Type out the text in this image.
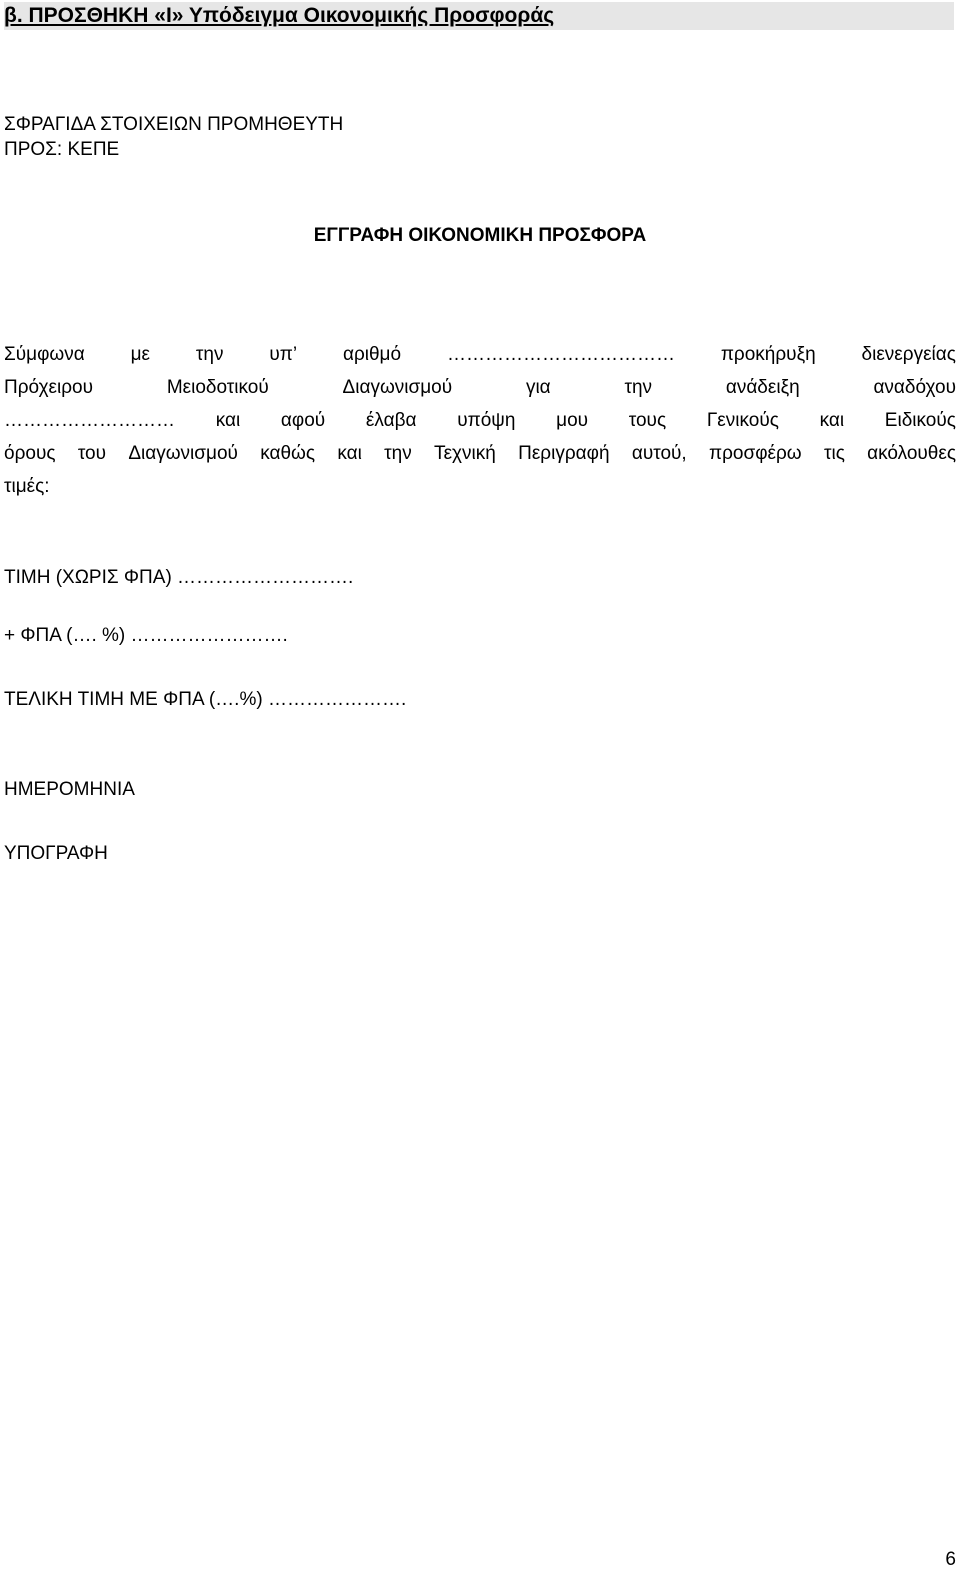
β. ΠΡΟΣΘΗΚΗ «Ι» Υπόδειγμα Οικονομικής Προσφοράς
ΣΦΡΑΓΙΔΑ ΣΤΟΙΧΕΙΩΝ ΠΡΟΜΗΘΕΥΤΗ
ΠΡΟΣ: ΚΕΠΕ
ΕΓΓΡΑΦΗ ΟΙΚΟΝΟΜΙΚΗ ΠΡΟΣΦΟΡΑ
Σύμφωνα με την υπ’ αριθμό ……………………………… προκήρυξη διενεργείας
Πρόχειρου	Μειοδοτικού	Διαγωνισμού	για	την	ανάδειξη	αναδόχου
……………………… και αφού έλαβα υπόψη μου τους Γενικούς και Ειδικούς
όρους του Διαγωνισμού καθώς και την Τεχνική Περιγραφή αυτού, προσφέρω τις ακόλουθες
τιμές:
ΤΙΜΗ (ΧΩΡΙΣ ΦΠΑ) ……………………….
+ ΦΠΑ (…. %) …………………….
ΤΕΛΙΚΗ ΤΙΜΗ ΜΕ ΦΠΑ (….%) ………………….
ΗΜΕΡΟΜΗΝΙΑ
ΥΠΟΓΡΑΦΗ
6
